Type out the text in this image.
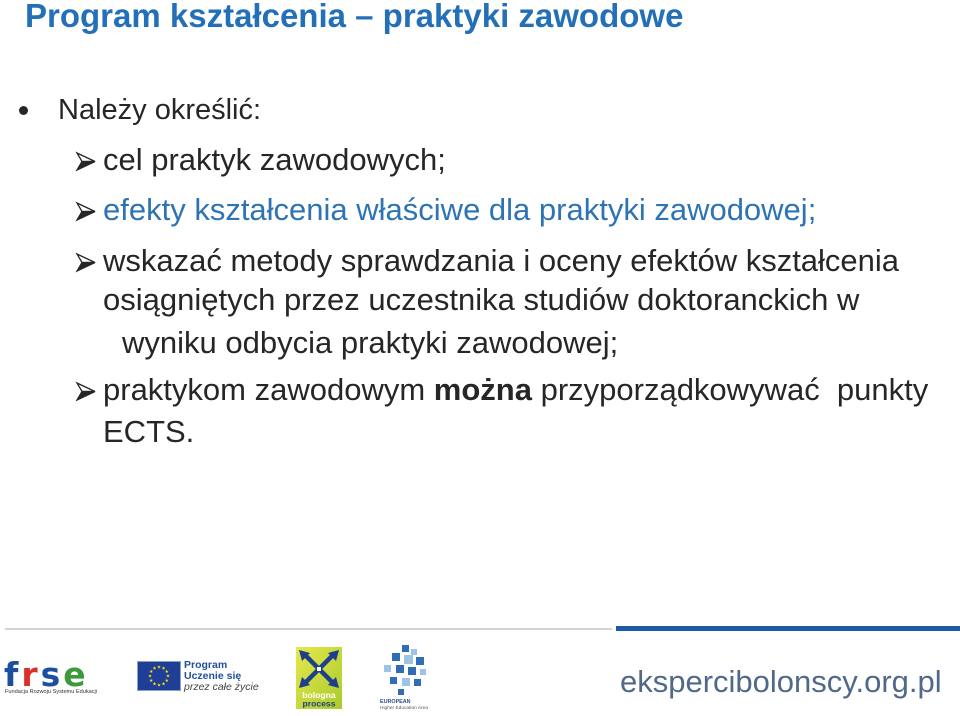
Program kształcenia – praktyki zawodowe
Należy określić:
cel praktyk zawodowych;
efekty kształcenia właściwe dla praktyki zawodowej;
wskazać metody sprawdzania i oceny efektów kształcenia
osiągniętych przez uczestnika studiów doktoranckich w
wyniku odbycia praktyki zawodowej;
praktykom zawodowym można przyporządkowywać  punkty
ECTS.
frse
Fundacja Rozwoju Systemu Edukacji
Program
Uczenie się
przez całe życie
bologna
process	EUROPEAN
Higher Education Area
ekspercibolonscy.org.pl
